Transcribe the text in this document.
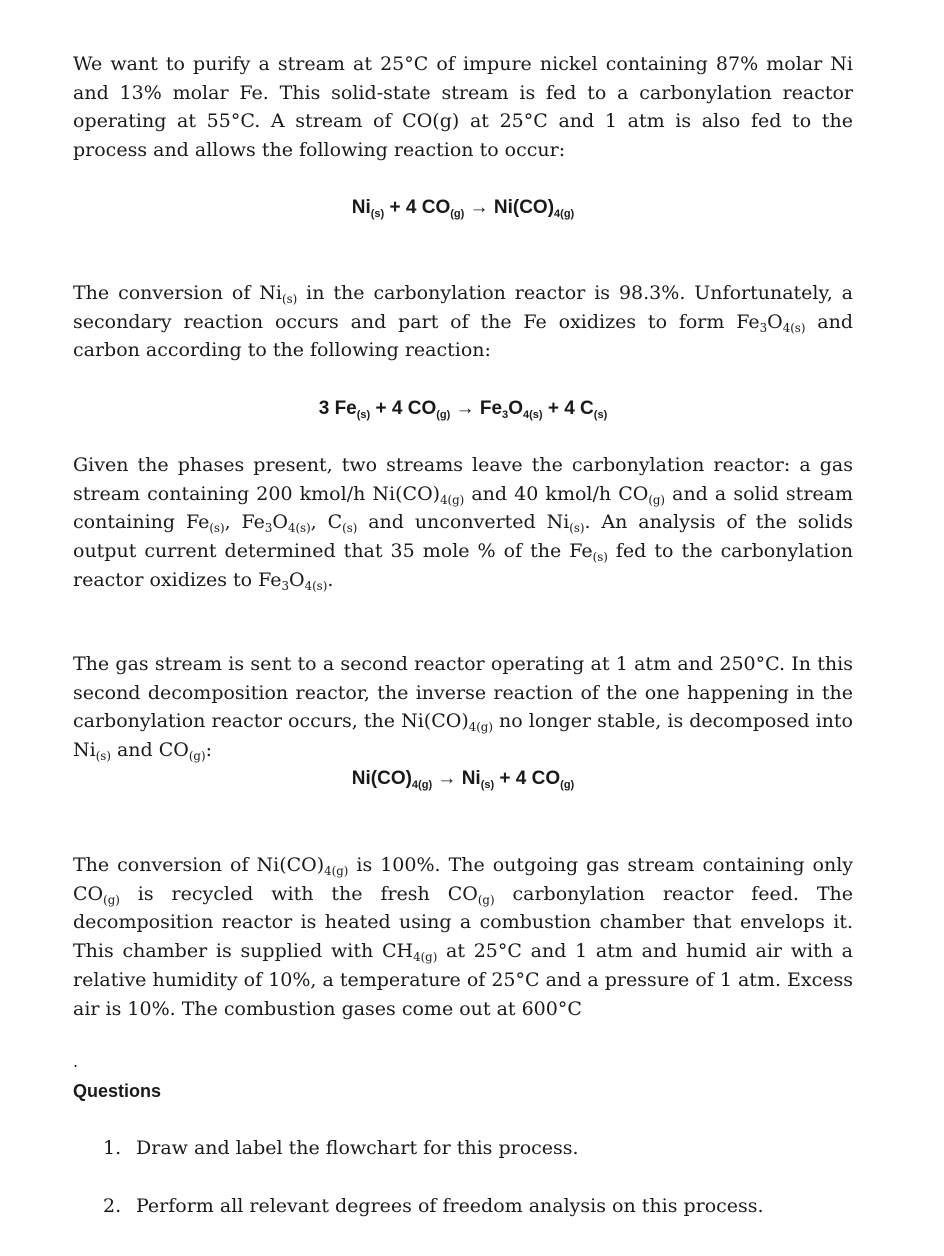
We want to purify a stream at 25°C of impure nickel containing 87% molar Ni and 13% molar Fe. This solid-state stream is fed to a carbonylation reactor operating at 55°C. A stream of CO(g) at 25°C and 1 atm is also fed to the process and allows the following reaction to occur:

$Ni_{(s)} + 4$ $CO_{(g)} \to Ni(CO)_{4(g)}$

The conversion of $Ni_{(s)}$ in the carbonylation reactor is 98.3%. Unfortunately, a secondary reaction occurs and part of the Fe oxidizes to form $Fe_3O_{4(s)}$ and carbon according to the following reaction:

3 $Fe_{(s)} + 4$ $CO_{(g)} \to Fe_3O_{4(s)} + 4$ $C_{(s)}$

Given the phases present, two streams leave the carbonylation reactor: a gas stream containing 200 kmol/h $Ni(CO)_{4(g)}$ and 40 kmol/h $CO_{(g)}$ and a solid stream containing $Fe_{(s)}$, $Fe_3O_{4(s)}$, $C_{(s)}$ and unconverted $Ni_{(s)}$. An analysis of the solids output current determined that 35 mole % of the $Fe_{(s)}$ fed to the carbonylation reactor oxidizes to $Fe_3O_{4(s)}$.

The gas stream is sent to a second reactor operating at 1 atm and 250°C. In this second decomposition reactor, the inverse reaction of the one happening in the carbonylation reactor occurs, the $Ni(CO)_{4(g)}$ no longer stable, is decomposed into $Ni_{(s)}$ and $CO_{(g)}$:

$Ni(CO)_{4(g)} \to Ni_{(s)} + 4$ $CO_{(g)}$

The conversion of $Ni(CO)_{4(g)}$ is 100%. The outgoing gas stream containing only $CO_{(g)}$ is recycled with the fresh $CO_{(g)}$ carbonylation reactor feed. The decomposition reactor is heated using a combustion chamber that envelops it. This chamber is supplied with $CH_{4(g)}$ at 25°C and 1 atm and humid air with a relative humidity of 10%, a temperature of 25°C and a pressure of 1 atm. Excess air is 10%. The combustion gases come out at 600°C

.

Questions

1. Draw and label the flowchart for this process.

2. Perform all relevant degrees of freedom analysis on this process.
